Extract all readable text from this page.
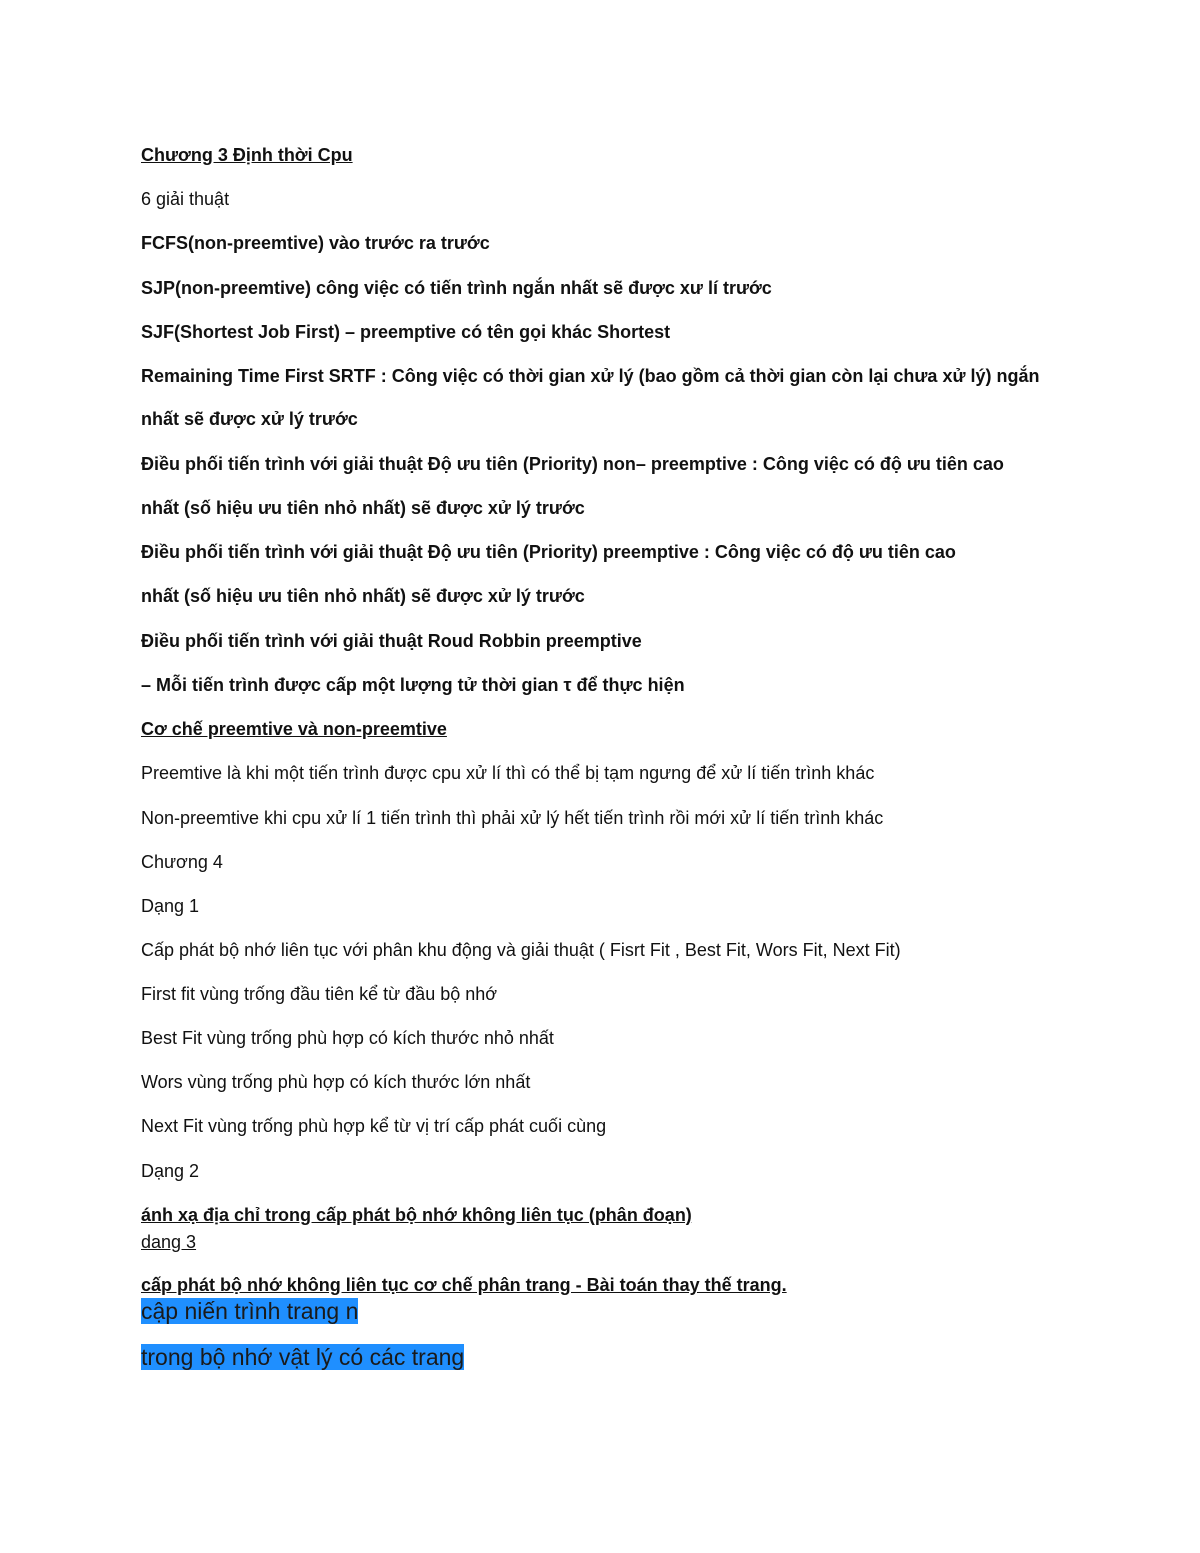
Chương 3 Định thời Cpu
6 giải thuật
FCFS(non-preemtive) vào trước ra trước
SJP(non-preemtive) công việc có tiến trình ngắn nhất sẽ được xư lí trước
SJF(Shortest Job First) – preemptive có tên gọi khác Shortest
Remaining Time First SRTF : Công việc có thời gian xử lý (bao gồm cả thời gian còn lại chưa xử lý) ngắn
nhất sẽ được xử lý trước
Điều phối tiến trình với giải thuật Độ ưu tiên (Priority) non– preemptive : Công việc có độ ưu tiên cao
nhất (số hiệu ưu tiên nhỏ nhất) sẽ được xử lý trước
Điều phối tiến trình với giải thuật Độ ưu tiên (Priority) preemptive : Công việc có độ ưu tiên cao
nhất (số hiệu ưu tiên nhỏ nhất) sẽ được xử lý trước
Điều phối tiến trình với giải thuật Roud Robbin preemptive
– Mỗi tiến trình được cấp một lượng tử thời gian τ để thực hiện
Cơ chế preemtive và non-preemtive
Preemtive là khi một tiến trình được cpu xử lí thì có thể bị tạm ngưng để xử lí tiến trình khác
Non-preemtive khi cpu xử lí 1 tiến trình thì phải xử lý hết tiến trình rồi mới xử lí tiến trình khác
Chương 4
Dạng 1
Cấp phát bộ nhớ liên tục với phân khu động và giải thuật ( Fisrt Fit , Best Fit, Wors Fit, Next Fit)
First fit vùng trống đầu tiên kể từ đầu bộ nhớ
Best Fit vùng trống phù hợp có kích thước nhỏ nhất
Wors vùng trống phù hợp có kích thước lớn nhất
Next Fit vùng trống phù hợp kể từ vị trí cấp phát cuối cùng
Dạng 2
ánh xạ địa chỉ trong cấp phát bộ nhớ không liên tục (phân đoạn)
dang 3
cấp phát bộ nhớ không liên tục cơ chế phân trang - Bài toán thay thế trang.
cập niến trình trang n
trong bộ nhớ vật lý có các trang
